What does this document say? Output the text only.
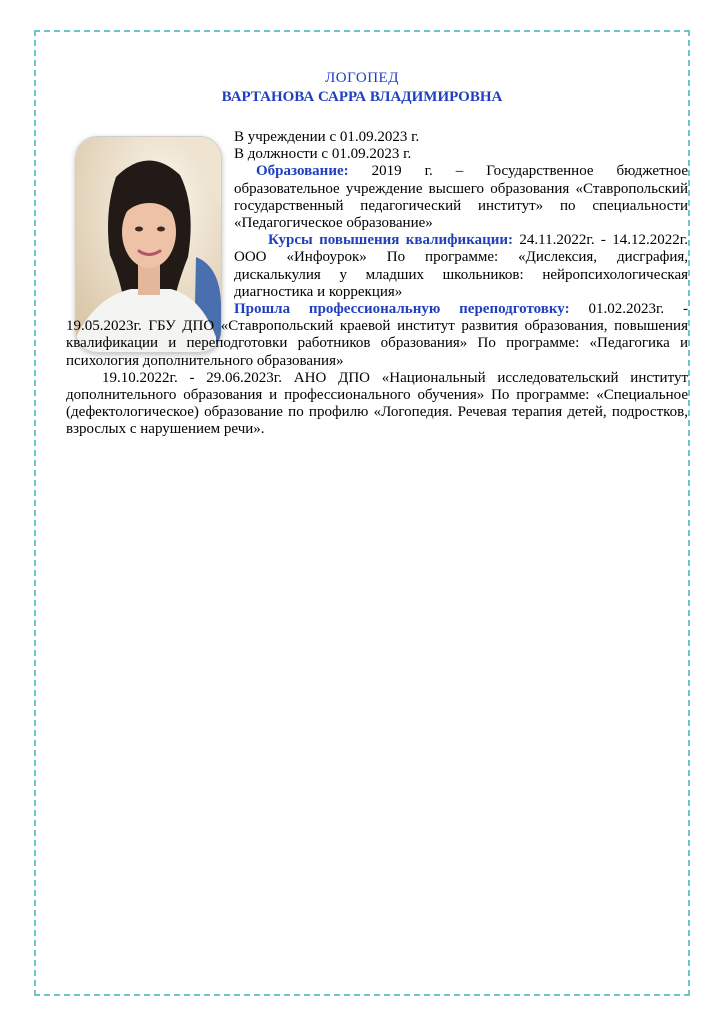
ЛОГОПЕД
ВАРТАНОВА САРРА ВЛАДИМИРОВНА

В учреждении с 01.09.2023 г.

В должности с 01.09.2023 г.

Образование: 2019 г. – Государственное бюджетное образовательное учреждение высшего образования «Ставропольский государственный педагогический институт» по специальности «Педагогическое образование»

Курсы повышения квалификации: 24.11.2022г. - 14.12.2022г. ООО «Инфоурок» По программе: «Дислексия, дисграфия, дискалькулия у младших школьников: нейропсихологическая диагностика и коррекция»

Прошла профессиональную переподготовку: 01.02.2023г. - 19.05.2023г. ГБУ ДПО «Ставропольский краевой институт развития образования, повышения квалификации и переподготовки работников образования» По программе: «Педагогика и психология дополнительного образования»

19.10.2022г. - 29.06.2023г. АНО ДПО «Национальный исследовательский институт дополнительного образования и профессионального обучения» По программе: «Специальное (дефектологическое) образование по профилю «Логопедия. Речевая терапия детей, подростков, взрослых с нарушением речи».
